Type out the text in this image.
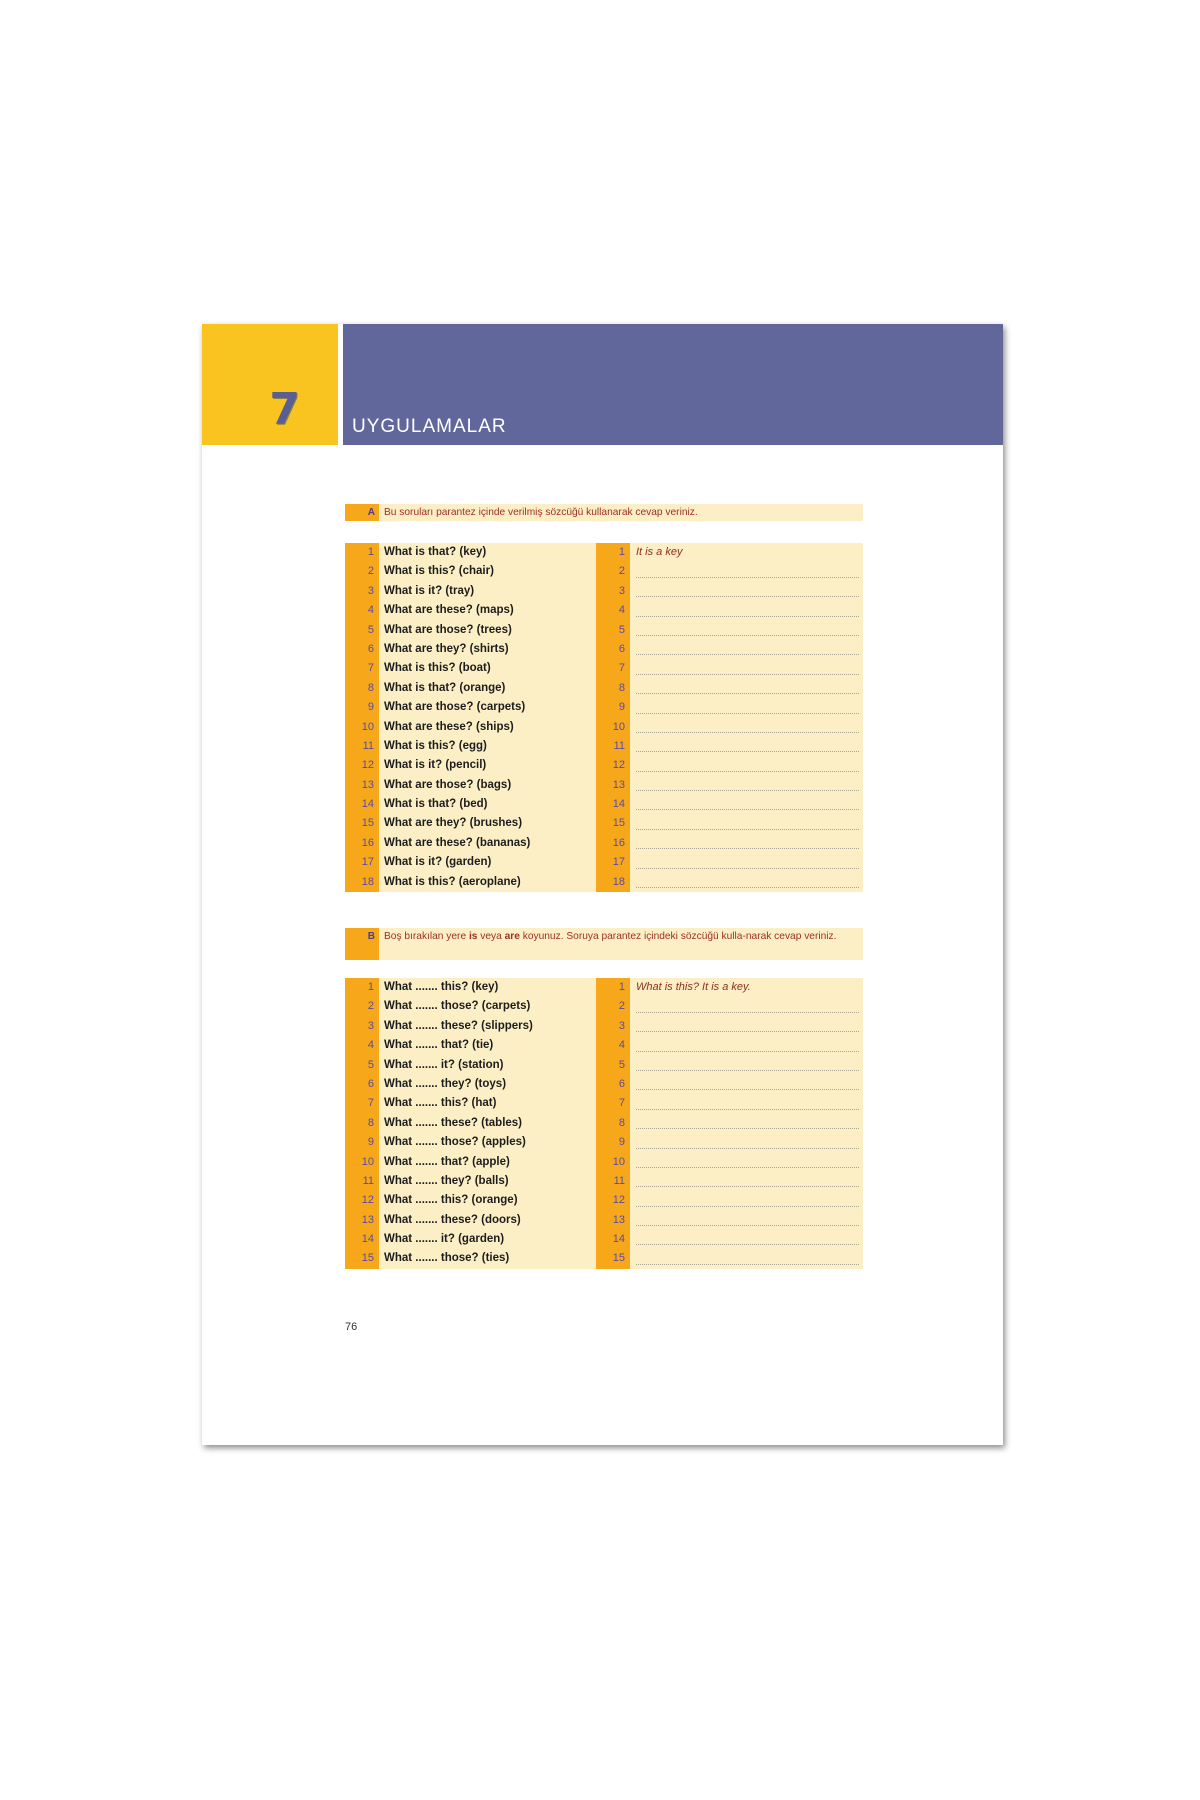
7	UYGULAMALAR
A Bu soruları parantez içinde verilmiş sözcüğü kullanarak cevap veriniz.
1 What is that? (key)	1	It is a key
2 What is this? (chair)	2
3 What is it? (tray)	3
4 What are these? (maps)	4
5 What are those? (trees)	5
6 What are they? (shirts)	6
7 What is this? (boat)	7
8 What is that? (orange)	8
9 What are those? (carpets)	9
10 What are these? (ships)	10
11 What is this? (egg)	11
12 What is it? (pencil)	12
13 What are those? (bags)	13
14 What is that? (bed)	14
15 What are they? (brushes)	15
16 What are these? (bananas)	16
17 What is it? (garden)	17
18 What is this? (aeroplane)	18
B Boş bırakılan yere is veya are koyunuz. Soruya parantez içindeki sözcüğü kulla-narak cevap veriniz.
1 What ....... this? (key)	1	What is this? It is a key.
2 What ....... those? (carpets)	2
3 What ....... these? (slippers)	3
4 What ....... that? (tie)	4
5 What ....... it? (station)	5
6 What ....... they? (toys)	6
7 What ....... this? (hat)	7
8 What ....... these? (tables)	8
9 What ....... those? (apples)	9
10 What ....... that? (apple)	10
11 What ....... they? (balls)	11
12 What ....... this? (orange)	12
13 What ....... these? (doors)	13
14 What ....... it? (garden)	14
15 What ....... those? (ties)	15
76
